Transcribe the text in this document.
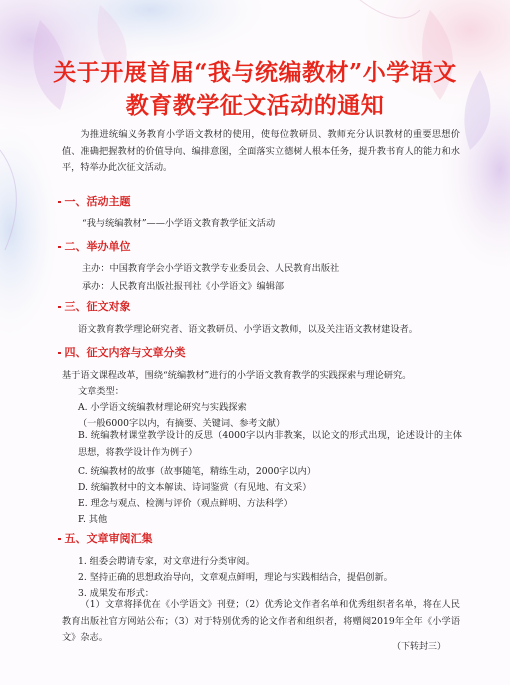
关于开展首届“我与统编教材”小学语文
教育教学征文活动的通知
为推进统编义务教育小学语文教材的使用，使每位教研员、教师充分认识教材的重要思想价值、准确把握教材的价值导向、编排意图，全面落实立德树人根本任务，提升教书育人的能力和水平，特举办此次征文活动。
一、活动主题
“我与统编教材”——小学语文教育教学征文活动
二、举办单位
主办：中国教育学会小学语文教学专业委员会、人民教育出版社
承办：人民教育出版社报刊社《小学语文》编辑部
三、征文对象
语文教育教学理论研究者、语文教研员、小学语文教师，以及关注语文教材建设者。
四、征文内容与文章分类
基于语文课程改革，围绕“统编教材”进行的小学语文教育教学的实践探索与理论研究。
文章类型：
A. 小学语文统编教材理论研究与实践探索
（一般6000字以内，有摘要、关键词、参考文献）
B. 统编教材课堂教学设计的反思（4000字以内非教案，以论文的形式出现，论述设计的主体思想，将教学设计作为例子）
C. 统编教材的故事（故事随笔，精练生动，2000字以内）
D. 统编教材中的文本解读、诗词鉴赏（有见地、有文采）
E. 理念与观点、检测与评价（观点鲜明、方法科学）
F. 其他
五、文章审阅汇集
1. 组委会聘请专家，对文章进行分类审阅。
2. 坚持正确的思想政治导向，文章观点鲜明，理论与实践相结合，提倡创新。
3. 成果发布形式：
（1）文章将择优在《小学语文》刊登；（2）优秀论文作者名单和优秀组织者名单，将在人民教育出版社官方网站公布；（3）对于特别优秀的论文作者和组织者，将赠阅2019年全年《小学语文》杂志。
（下转封三）
